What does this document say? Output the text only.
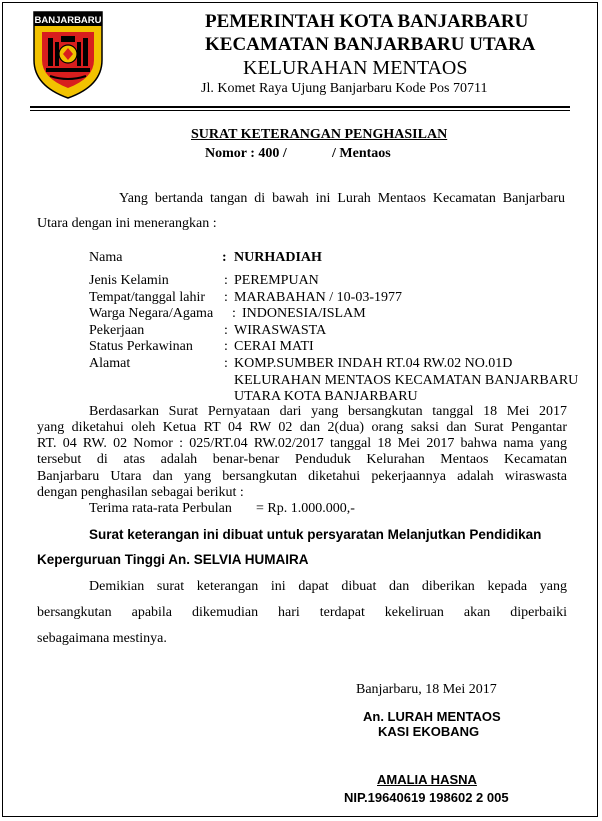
BANJARBARU	PEMERINTAH KOTA BANJARBARU
KECAMATAN BANJARBARU UTARA
KELURAHAN MENTAOS
Jl. Komet Raya Ujung Banjarbaru Kode Pos 70711
SURAT KETERANGAN PENGHASILAN
Nomor : 400 /	/ Mentaos
Yang bertanda tangan di bawah ini Lurah Mentaos Kecamatan Banjarbaru
Utara dengan ini menerangkan :
Nama	: NURHADIAH
Jenis Kelamin	: PEREMPUAN
Tempat/tanggal lahir : MARABAHAN / 10-03-1977
Warga Negara/Agama : INDONESIA/ISLAM
Pekerjaan	: WIRASWASTA
Status Perkawinan : CERAI MATI
Alamat	: KOMP.SUMBER INDAH RT.04 RW.02 NO.01D
KELURAHAN MENTAOS KECAMATAN BANJARBARU
UTARA KOTA BANJARBARU
Berdasarkan Surat Pernyataan dari yang bersangkutan tanggal 18 Mei 2017
yang diketahui oleh Ketua RT 04 RW 02 dan 2(dua) orang saksi dan Surat Pengantar
RT. 04 RW. 02 Nomor : 025/RT.04 RW.02/2017 tanggal 18 Mei 2017 bahwa nama yang
tersebut di atas adalah benar-benar Penduduk Kelurahan Mentaos Kecamatan
Banjarbaru Utara dan yang bersangkutan diketahui pekerjaannya adalah wiraswasta
dengan penghasilan sebagai berikut :
Terima rata-rata Perbulan = Rp. 1.000.000,-
Surat keterangan ini dibuat untuk persyaratan Melanjutkan Pendidikan
Keperguruan Tinggi An. SELVIA HUMAIRA
Demikian surat keterangan ini dapat dibuat dan diberikan kepada yang
bersangkutan apabila dikemudian hari terdapat kekeliruan akan diperbaiki
sebagaimana mestinya.
Banjarbaru, 18 Mei 2017
An. LURAH MENTAOS
KASI EKOBANG
AMALIA HASNA
NIP.19640619 198602 2 005
